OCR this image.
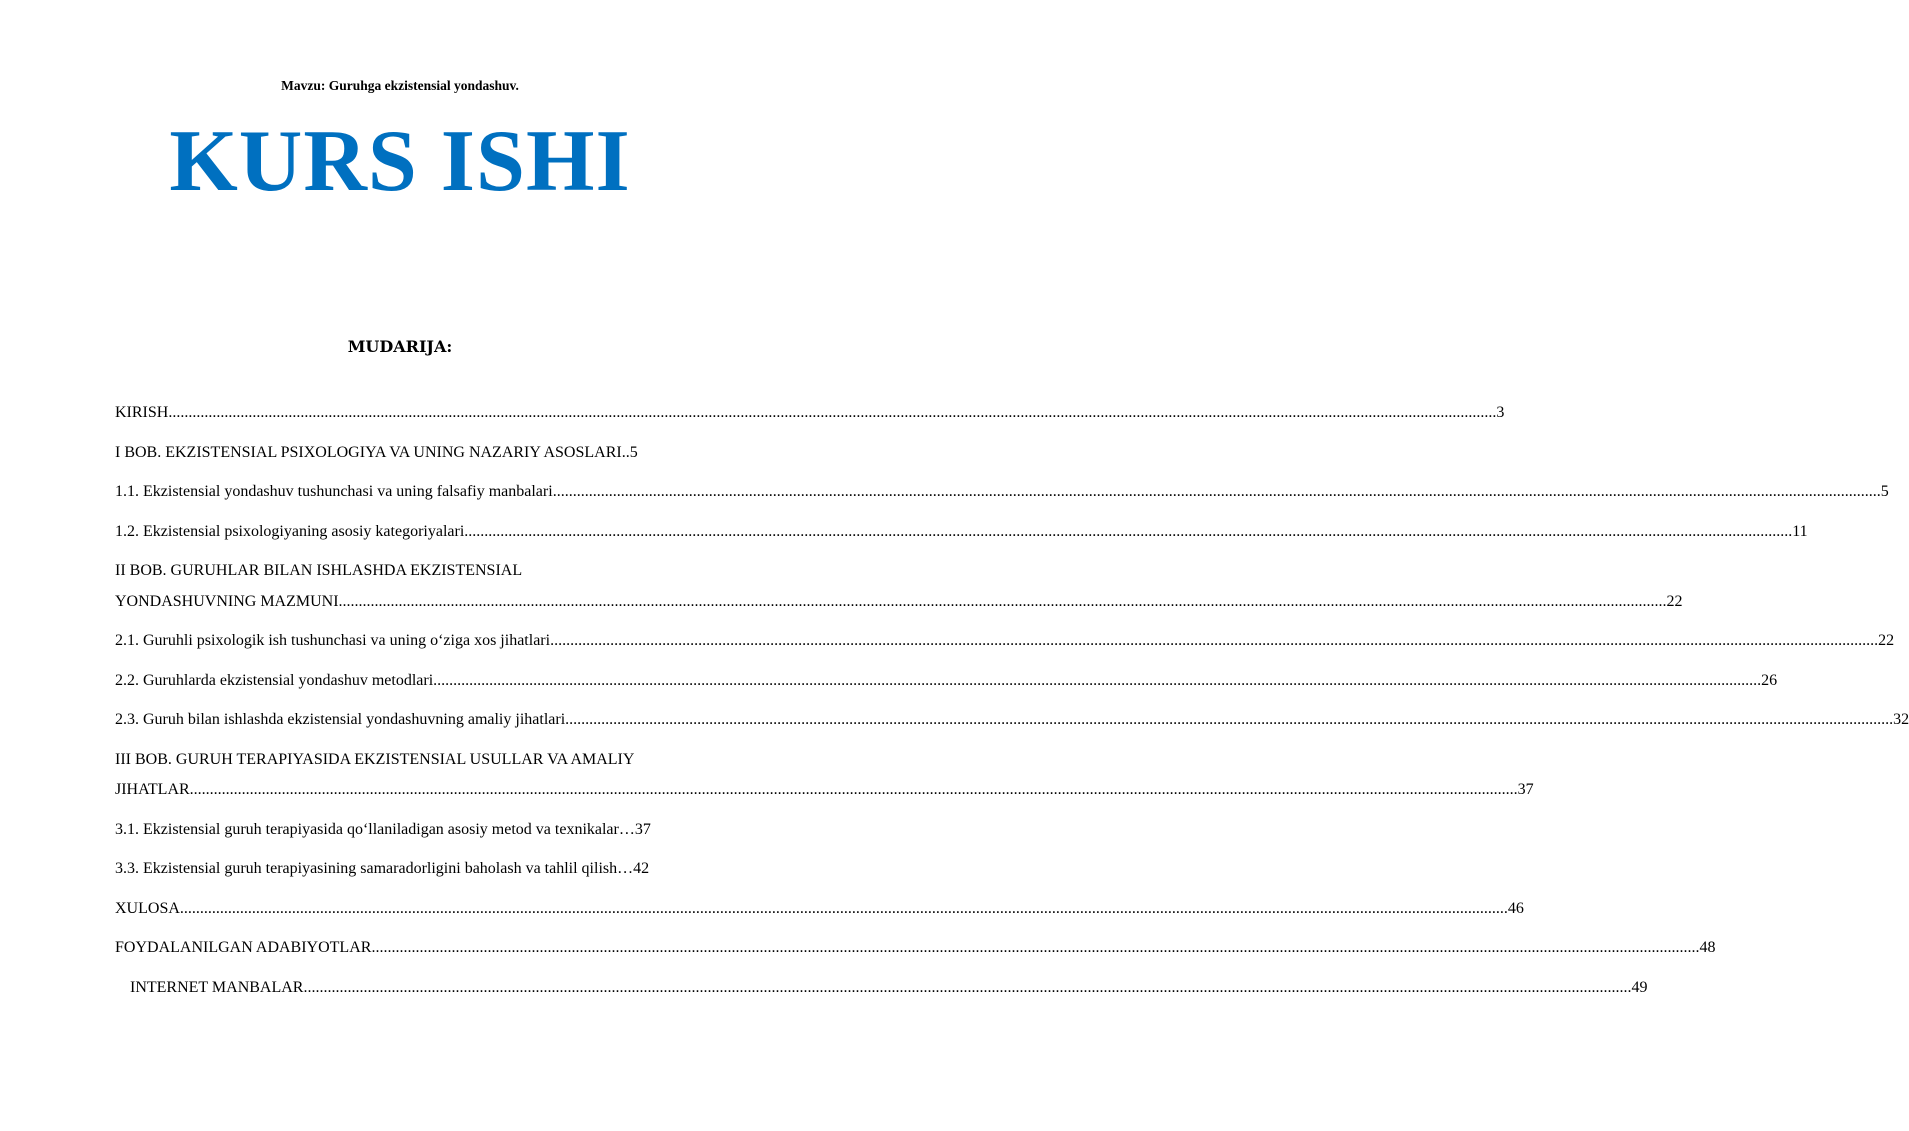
Mavzu: Guruhga ekzistensial yondashuv.
KURS ISHI
MUDARIJA:
KIRISH .....	3
I BOB. EKZISTENSIAL PSIXOLOGIYA VA UNING NAZARIY ASOSLARI. .5
1.1. Ekzistensial yondashuv tushunchasi va uning falsafiy manbalari .....	5
1.2. Ekzistensial psixologiyaning asosiy kategoriyalari .....	11
II BOB. GURUHLAR BILAN ISHLASHDA EKZISTENSIAL
YONDASHUVNING MAZMUNI .....	22
2.1. Guruhli psixologik ish tushunchasi va uning o‘ziga xos jihatlari .....	22
2.2. Guruhlarda ekzistensial yondashuv metodlari .....	26
2.3. Guruh bilan ishlashda ekzistensial yondashuvning amaliy jihatlari .....	32
III BOB. GURUH TERAPIYASIDA EKZISTENSIAL USULLAR VA AMALIY
JIHATLAR .....	37
3.1. Ekzistensial guruh terapiyasida qo‘llaniladigan asosiy metod va texnikalar… 37
3.3. Ekzistensial guruh terapiyasining samaradorligini baholash va tahlil qilish… 42
XULOSA .....	46
FOYDALANILGAN ADABIYOTLAR .....	48
INTERNET MANBALAR .....	49
